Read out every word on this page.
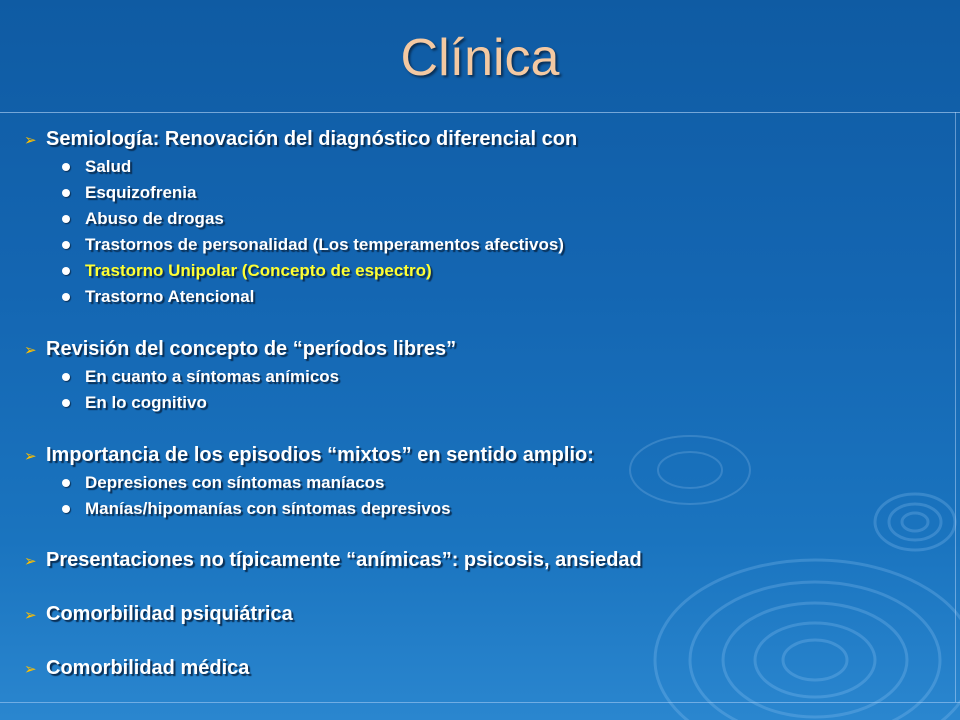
Clínica
➢ Semiología: Renovación del diagnóstico diferencial con
Salud
Esquizofrenia
Abuso de drogas
Trastornos de personalidad (Los temperamentos afectivos)
Trastorno Unipolar (Concepto de espectro)
Trastorno Atencional
➢ Revisión del concepto de “períodos libres”
En cuanto a síntomas anímicos
En lo cognitivo
➢ Importancia de los episodios “mixtos” en sentido amplio:
Depresiones con síntomas maníacos
Manías/hipomanías con síntomas depresivos
➢ Presentaciones no típicamente “anímicas”: psicosis, ansiedad
➢ Comorbilidad psiquiátrica
➢ Comorbilidad médica
